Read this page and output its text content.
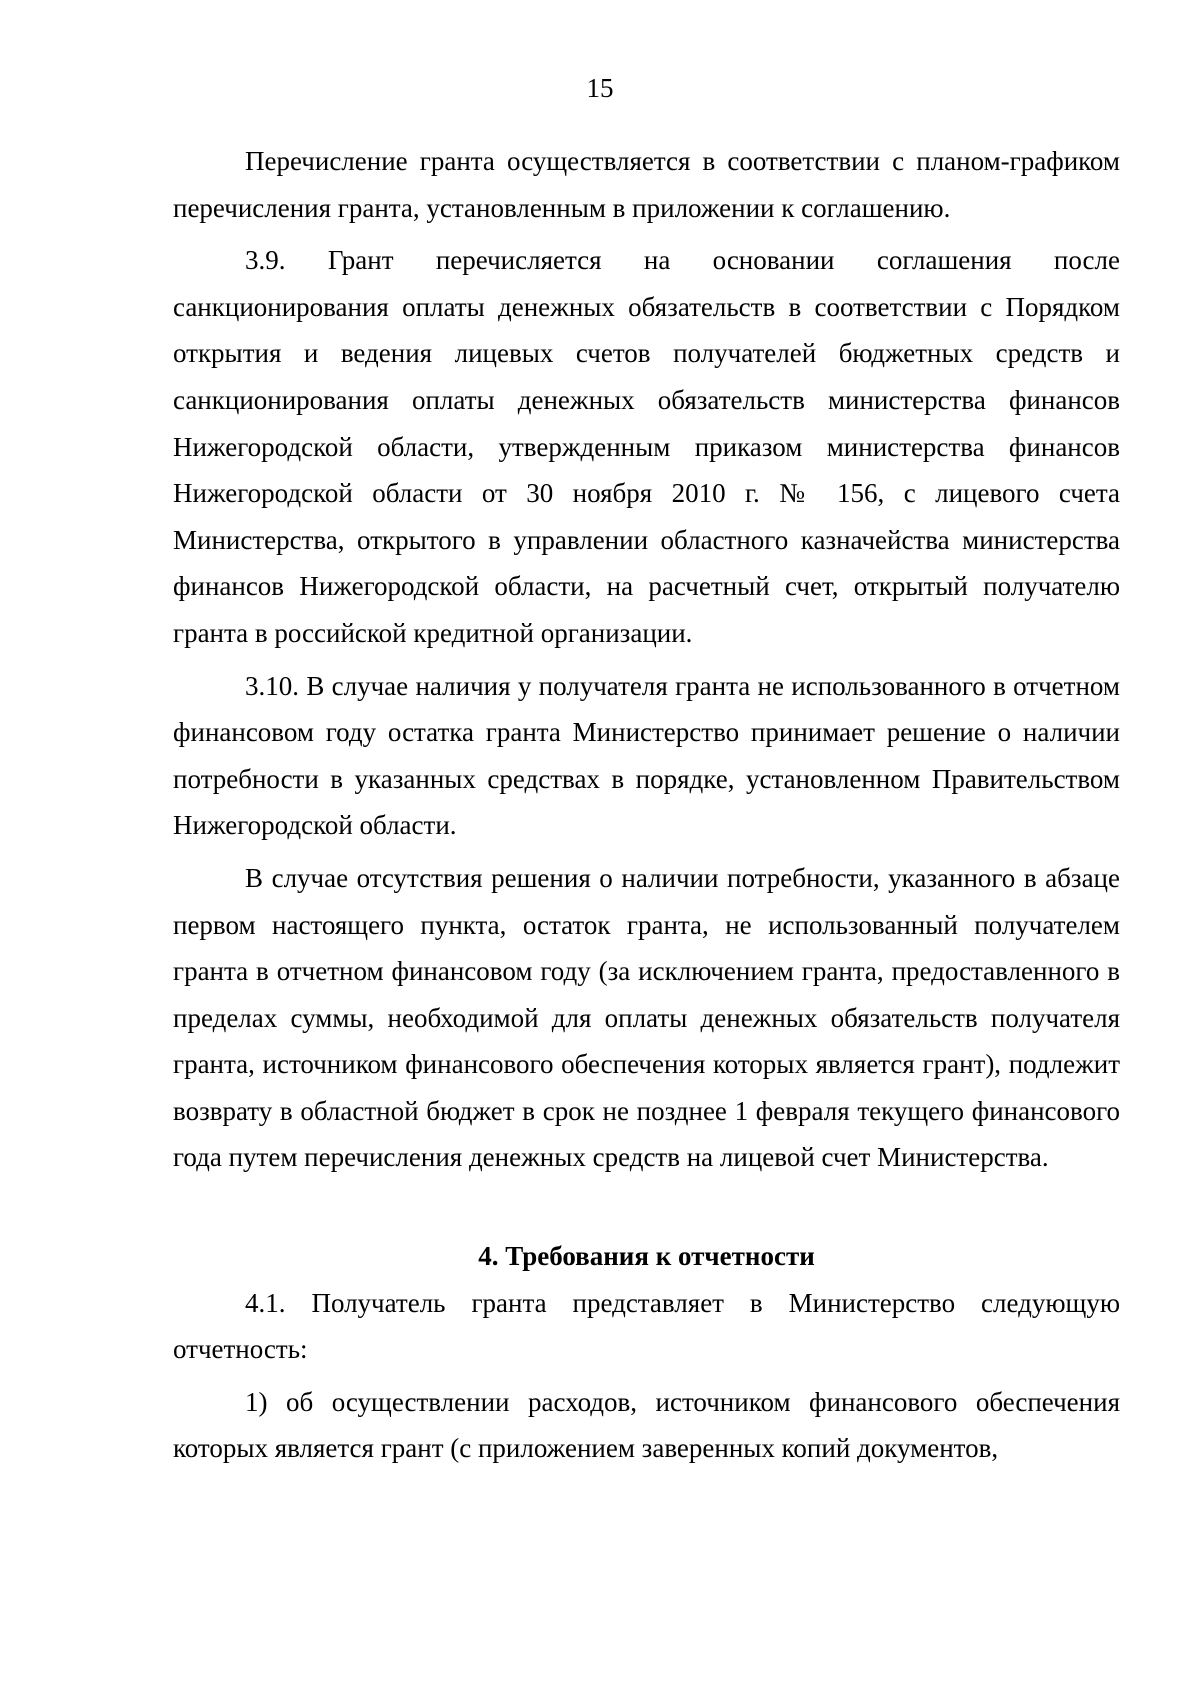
15

Перечисление гранта осуществляется в соответствии с планом-графиком перечисления гранта, установленным в приложении к соглашению.

3.9. Грант перечисляется на основании соглашения после санкционирования оплаты денежных обязательств в соответствии с Порядком открытия и ведения лицевых счетов получателей бюджетных средств и санкционирования оплаты денежных обязательств министерства финансов Нижегородской области, утвержденным приказом министерства финансов Нижегородской области от 30 ноября 2010 г. № 156, с лицевого счета Министерства, открытого в управлении областного казначейства министерства финансов Нижегородской области, на расчетный счет, открытый получателю гранта в российской кредитной организации.

3.10. В случае наличия у получателя гранта не использованного в отчетном финансовом году остатка гранта Министерство принимает решение о наличии потребности в указанных средствах в порядке, установленном Правительством Нижегородской области.

В случае отсутствия решения о наличии потребности, указанного в абзаце первом настоящего пункта, остаток гранта, не использованный получателем гранта в отчетном финансовом году (за исключением гранта, предоставленного в пределах суммы, необходимой для оплаты денежных обязательств получателя гранта, источником финансового обеспечения которых является грант), подлежит возврату в областной бюджет в срок не позднее 1 февраля текущего финансового года путем перечисления денежных средств на лицевой счет Министерства.

4. Требования к отчетности

4.1. Получатель гранта представляет в Министерство следующую отчетность:

1) об осуществлении расходов, источником финансового обеспечения которых является грант (с приложением заверенных копий документов,
